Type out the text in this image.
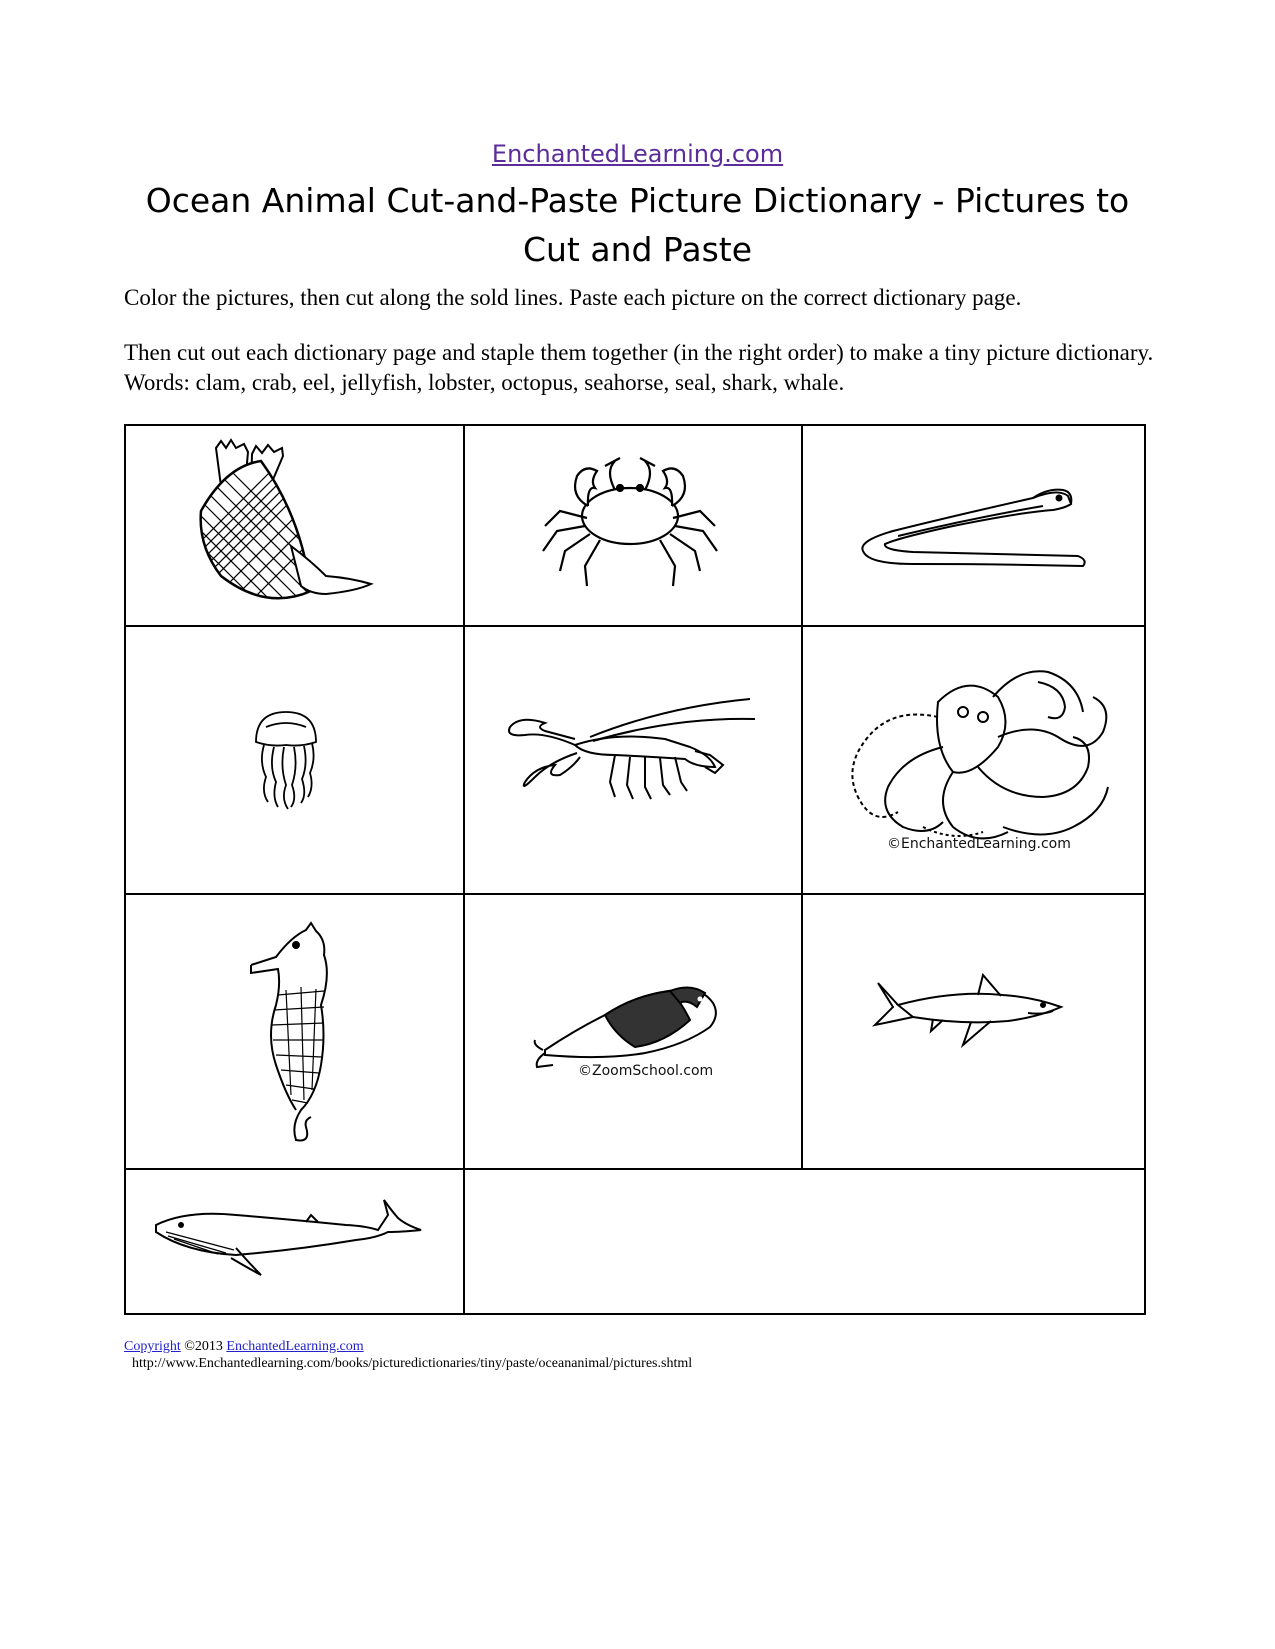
EnchantedLearning.com
Ocean Animal Cut-and-Paste Picture Dictionary - Pictures to Cut and Paste

Color the pictures, then cut along the sold lines. Paste each picture on the correct dictionary page.

Then cut out each dictionary page and staple them together (in the right order) to make a tiny picture dictionary. Words: clam, crab, eel, jellyfish, lobster, octopus, seahorse, seal, shark, whale.

©EnchantedLearning.com
©ZoomSchool.com
Copyright ©2013 EnchantedLearning.com
http://www.Enchantedlearning.com/books/picturedictionaries/tiny/paste/oceananimal/pictures.shtml
